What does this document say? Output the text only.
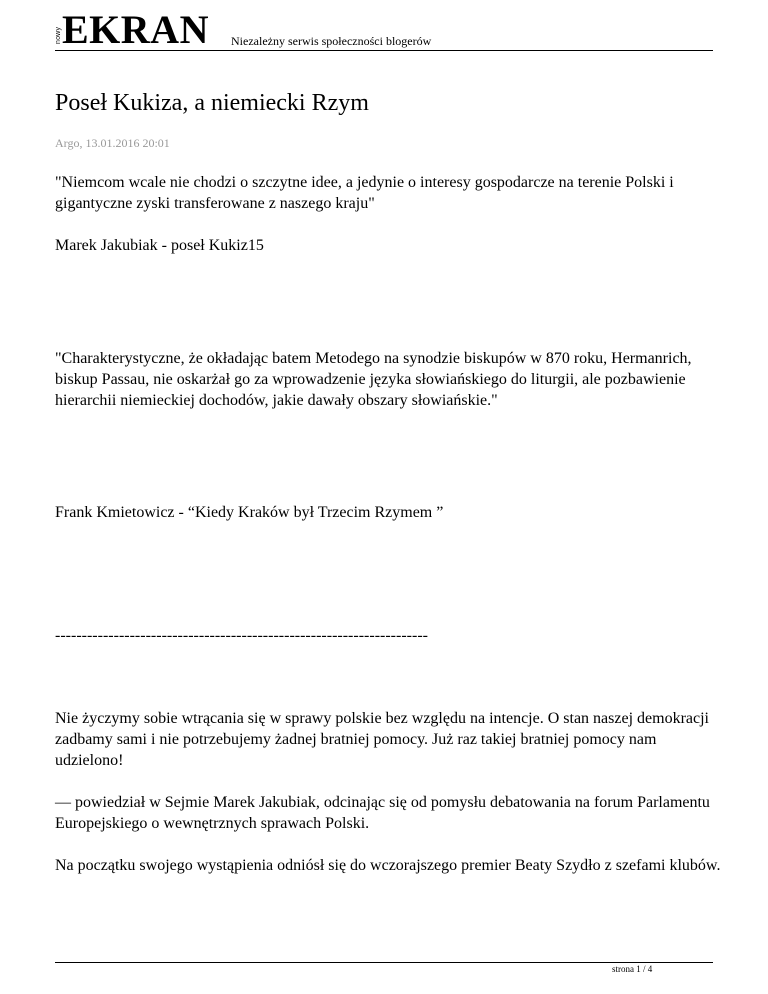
nowy EKRAN Niezależny serwis społeczności blogerów
Poseł Kukiza, a niemiecki Rzym
Argo, 13.01.2016 20:01

"Niemcom wcale nie chodzi o szczytne idee, a jedynie o interesy gospodarcze na terenie Polski i gigantyczne zyski transferowane z naszego kraju"

Marek Jakubiak - poseł Kukiz15

"Charakterystyczne, że okładając batem Metodego na synodzie biskupów w 870 roku, Hermanrich, biskup Passau, nie oskarżał go za wprowadzenie języka słowiańskiego do liturgii, ale pozbawienie hierarchii niemieckiej dochodów, jakie dawały obszary słowiańskie."

Frank Kmietowicz - “Kiedy Kraków był Trzecim Rzymem ”

----------------------------------------------------------------------

Nie życzymy sobie wtrącania się w sprawy polskie bez względu na intencje. O stan naszej demokracji zadbamy sami i nie potrzebujemy żadnej bratniej pomocy. Już raz takiej bratniej pomocy nam udzielono!

— powiedział w Sejmie Marek Jakubiak, odcinając się od pomysłu debatowania na forum Parlamentu Europejskiego o wewnętrznych sprawach Polski.

Na początku swojego wystąpienia odniósł się do wczorajszego premier Beaty Szydło z szefami klubów.

strona 1 / 4
